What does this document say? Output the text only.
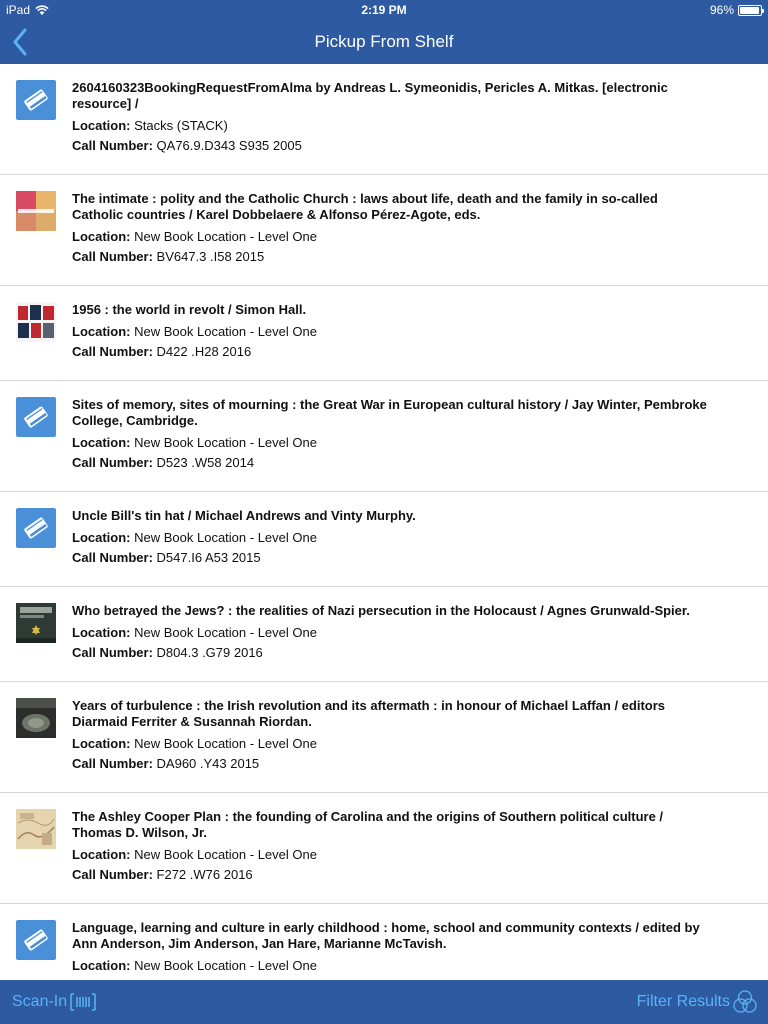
iPad	2:19 PM	96%
Pickup From Shelf
2604160323BookingRequestFromAlma by Andreas L. Symeonidis, Pericles A. Mitkas. [electronic resource] /
Location: Stacks (STACK)
Call Number: QA76.9.D343 S935 2005
The intimate : polity and the Catholic Church : laws about life, death and the family in so-called Catholic countries / Karel Dobbelaere & Alfonso Pérez-Agote, eds.
Location: New Book Location - Level One
Call Number: BV647.3 .I58 2015
1956 : the world in revolt / Simon Hall.
Location: New Book Location - Level One
Call Number: D422 .H28 2016
Sites of memory, sites of mourning : the Great War in European cultural history / Jay Winter, Pembroke College, Cambridge.
Location: New Book Location - Level One
Call Number: D523 .W58 2014
Uncle Bill's tin hat / Michael Andrews and Vinty Murphy.
Location: New Book Location - Level One
Call Number: D547.I6 A53 2015
Who betrayed the Jews? : the realities of Nazi persecution in the Holocaust / Agnes Grunwald-Spier.
Location: New Book Location - Level One
Call Number: D804.3 .G79 2016
Years of turbulence : the Irish revolution and its aftermath : in honour of Michael Laffan / editors Diarmaid Ferriter & Susannah Riordan.
Location: New Book Location - Level One
Call Number: DA960 .Y43 2015
The Ashley Cooper Plan : the founding of Carolina and the origins of Southern political culture / Thomas D. Wilson, Jr.
Location: New Book Location - Level One
Call Number: F272 .W76 2016
Language, learning and culture in early childhood : home, school and community contexts / edited by Ann Anderson, Jim Anderson, Jan Hare, Marianne McTavish.
Location: New Book Location - Level One
Scan-In	Filter Results
